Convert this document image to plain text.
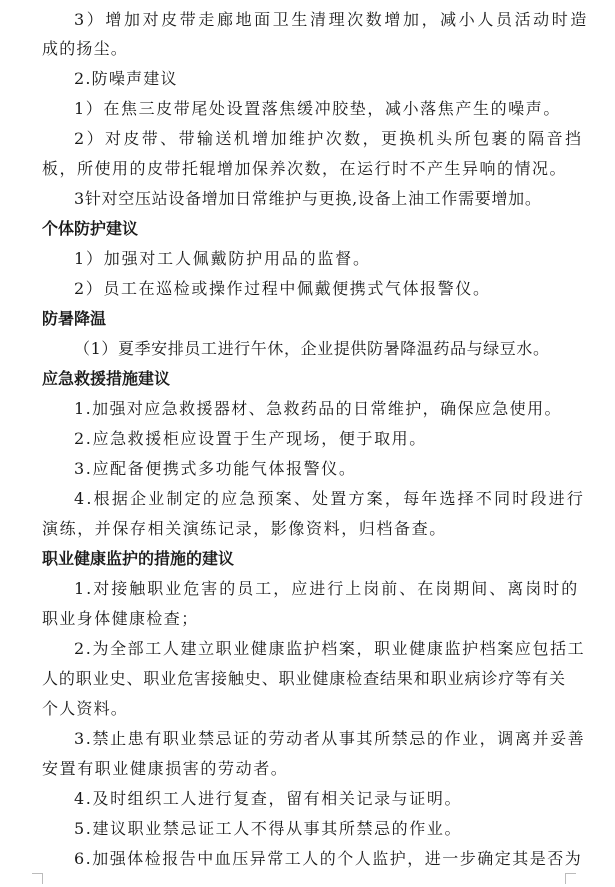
3）增加对皮带走廊地面卫生清理次数增加，减小人员活动时造
成的扬尘。
2.防噪声建议
1）在焦三皮带尾处设置落焦缓冲胶垫，减小落焦产生的噪声。
2）对皮带、带输送机增加维护次数，更换机头所包裹的隔音挡
板，所使用的皮带托辊增加保养次数，在运行时不产生异响的情况。
3针对空压站设备增加日常维护与更换,设备上油工作需要增加。
个体防护建议
1）加强对工人佩戴防护用品的监督。
2）员工在巡检或操作过程中佩戴便携式气体报警仪。
防暑降温
（1）夏季安排员工进行午休，企业提供防暑降温药品与绿豆水。
应急救援措施建议
1.加强对应急救援器材、急救药品的日常维护，确保应急使用。
2.应急救援柜应设置于生产现场，便于取用。
3.应配备便携式多功能气体报警仪。
4.根据企业制定的应急预案、处置方案，每年选择不同时段进行
演练，并保存相关演练记录，影像资料，归档备查。
职业健康监护的措施的建议
1.对接触职业危害的员工，应进行上岗前、在岗期间、离岗时的
职业身体健康检查；
2.为全部工人建立职业健康监护档案，职业健康监护档案应包括工
人的职业史、职业危害接触史、职业健康检查结果和职业病诊疗等有关
个人资料。
3.禁止患有职业禁忌证的劳动者从事其所禁忌的作业，调离并妥善
安置有职业健康损害的劳动者。
4.及时组织工人进行复查，留有相关记录与证明。
5.建议职业禁忌证工人不得从事其所禁忌的作业。
6.加强体检报告中血压异常工人的个人监护，进一步确定其是否为
